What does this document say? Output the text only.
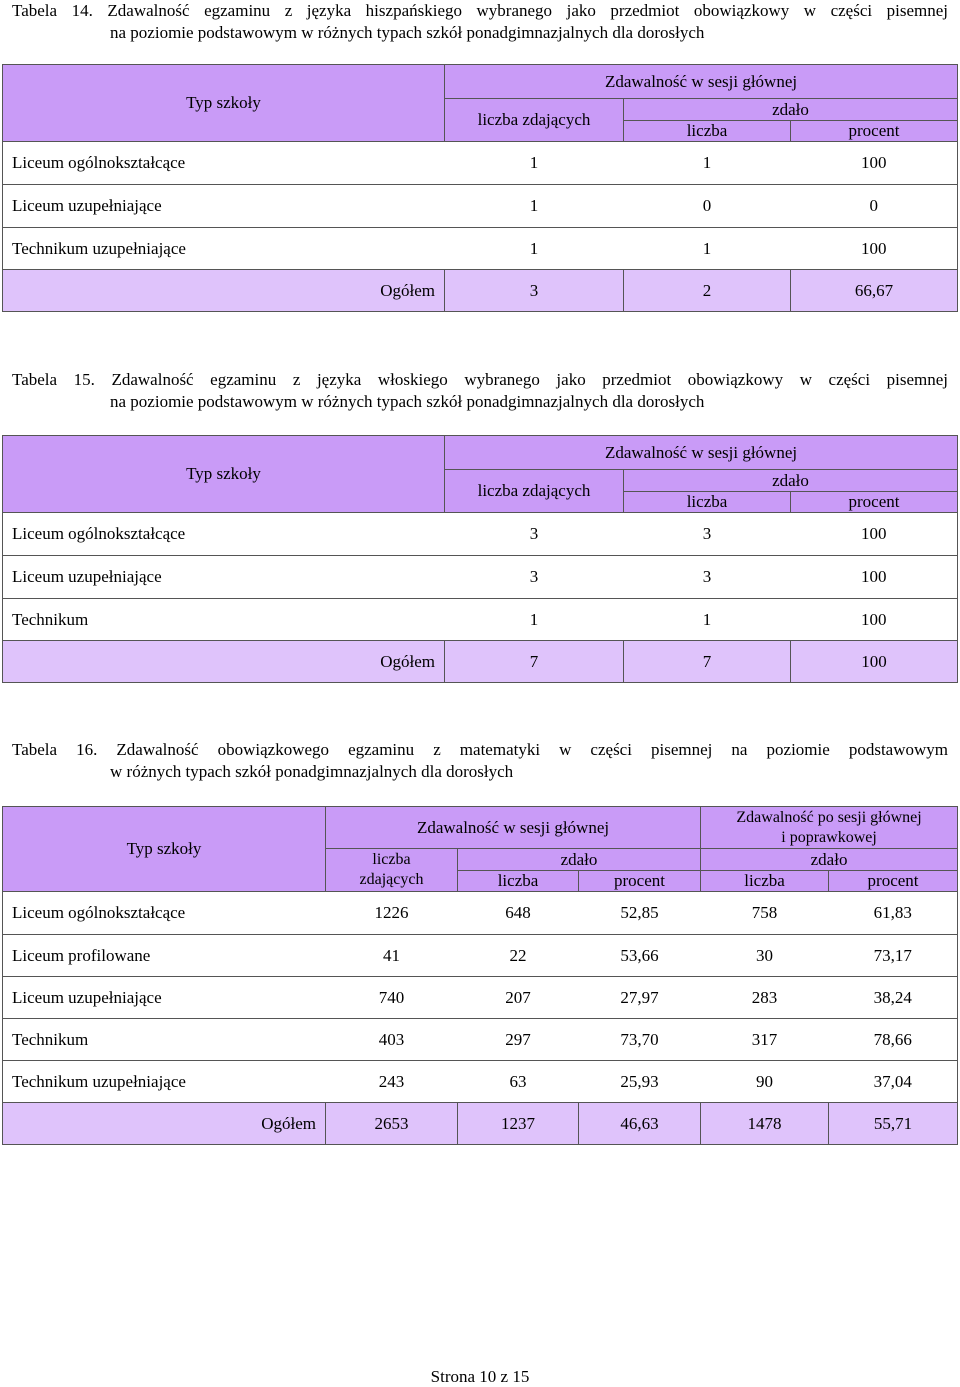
Tabela 14. Zdawalność egzaminu z języka hiszpańskiego wybranego jako przedmiot obowiązkowy w części pisemnej
na poziomie podstawowym w różnych typach szkół ponadgimnazjalnych dla dorosłych
Typ szkoły	Zdawalność w sesji głównej		
	liczba zdających	zdało	
		liczba	procent
Liceum ogólnokształcące	1	1	100
Liceum uzupełniające	1	0	0
Technikum uzupełniające	1	1	100
Ogółem	3	2	66,67
Tabela 15. Zdawalność egzaminu z języka włoskiego wybranego jako przedmiot obowiązkowy w części pisemnej
na poziomie podstawowym w różnych typach szkół ponadgimnazjalnych dla dorosłych
Typ szkoły	Zdawalność w sesji głównej		
	liczba zdających	zdało	
		liczba	procent
Liceum ogólnokształcące	3	3	100
Liceum uzupełniające	3	3	100
Technikum	1	1	100
Ogółem	7	7	100
Tabela 16. Zdawalność obowiązkowego egzaminu z matematyki w części pisemnej na poziomie podstawowym
w różnych typach szkół ponadgimnazjalnych dla dorosłych
Typ szkoły	Zdawalność w sesji głównej			Zdawalność po sesji głównej
i poprawkowej	

	liczba
zdających	zdało		zdało	
		liczba	procent	liczba	procent
Liceum ogólnokształcące	1226	648	52,85	758	61,83
Liceum profilowane	41	22	53,66	30	73,17
Liceum uzupełniające	740	207	27,97	283	38,24
Technikum	403	297	73,70	317	78,66
Technikum uzupełniające	243	63	25,93	90	37,04
Ogółem	2653	1237	46,63	1478	55,71
Strona 10 z 15
